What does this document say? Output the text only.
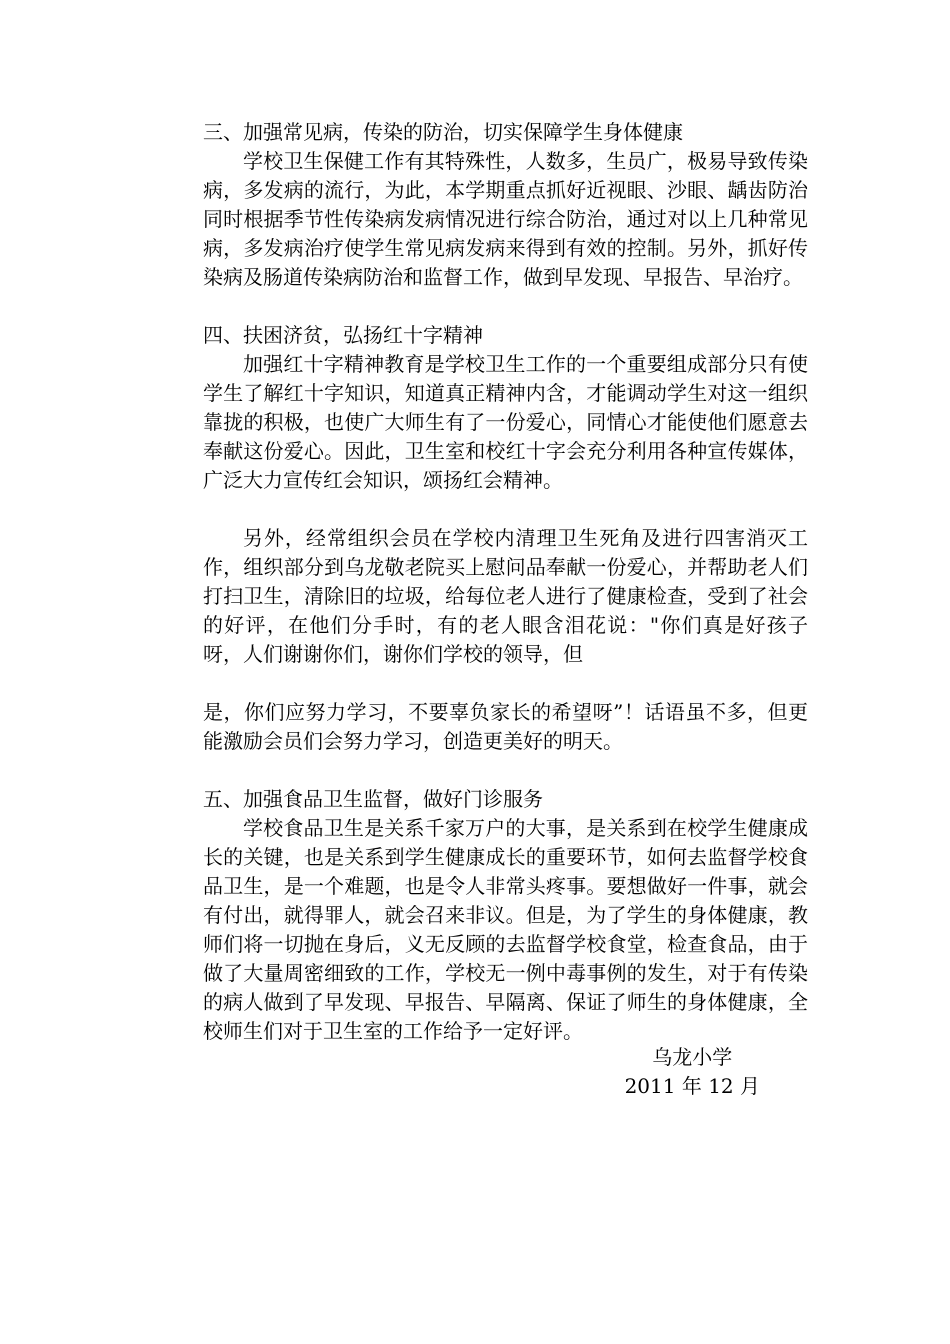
三、加强常见病，传染的防治，切实保障学生身体健康

学校卫生保健工作有其特殊性，人数多，生员广，极易导致传染病，多发病的流行，为此，本学期重点抓好近视眼、沙眼、龋齿防治同时根据季节性传染病发病情况进行综合防治，通过对以上几种常见病，多发病治疗使学生常见病发病来得到有效的控制。另外，抓好传染病及肠道传染病防治和监督工作，做到早发现、早报告、早治疗。

四、扶困济贫，弘扬红十字精神

加强红十字精神教育是学校卫生工作的一个重要组成部分只有使学生了解红十字知识，知道真正精神内含，才能调动学生对这一组织靠拢的积极，也使广大师生有了一份爱心，同情心才能使他们愿意去奉献这份爱心。因此，卫生室和校红十字会充分利用各种宣传媒体，广泛大力宣传红会知识，颂扬红会精神。

另外，经常组织会员在学校内清理卫生死角及进行四害消灭工作，组织部分到乌龙敬老院买上慰问品奉献一份爱心，并帮助老人们打扫卫生，清除旧的垃圾，给每位老人进行了健康检查，受到了社会的好评，在他们分手时，有的老人眼含泪花说："你们真是好孩子呀，人们谢谢你们，谢你们学校的领导，但

是，你们应努力学习，不要辜负家长的希望呀”！话语虽不多，但更能激励会员们会努力学习，创造更美好的明天。

五、加强食品卫生监督，做好门诊服务

学校食品卫生是关系千家万户的大事，是关系到在校学生健康成长的关键，也是关系到学生健康成长的重要环节，如何去监督学校食品卫生，是一个难题，也是令人非常头疼事。要想做好一件事，就会有付出，就得罪人，就会召来非议。但是，为了学生的身体健康，教师们将一切抛在身后，义无反顾的去监督学校食堂，检查食品，由于做了大量周密细致的工作，学校无一例中毒事例的发生，对于有传染的病人做到了早发现、早报告、早隔离、保证了师生的身体健康，全校师生们对于卫生室的工作给予一定好评。

乌龙小学
2011 年 12 月
